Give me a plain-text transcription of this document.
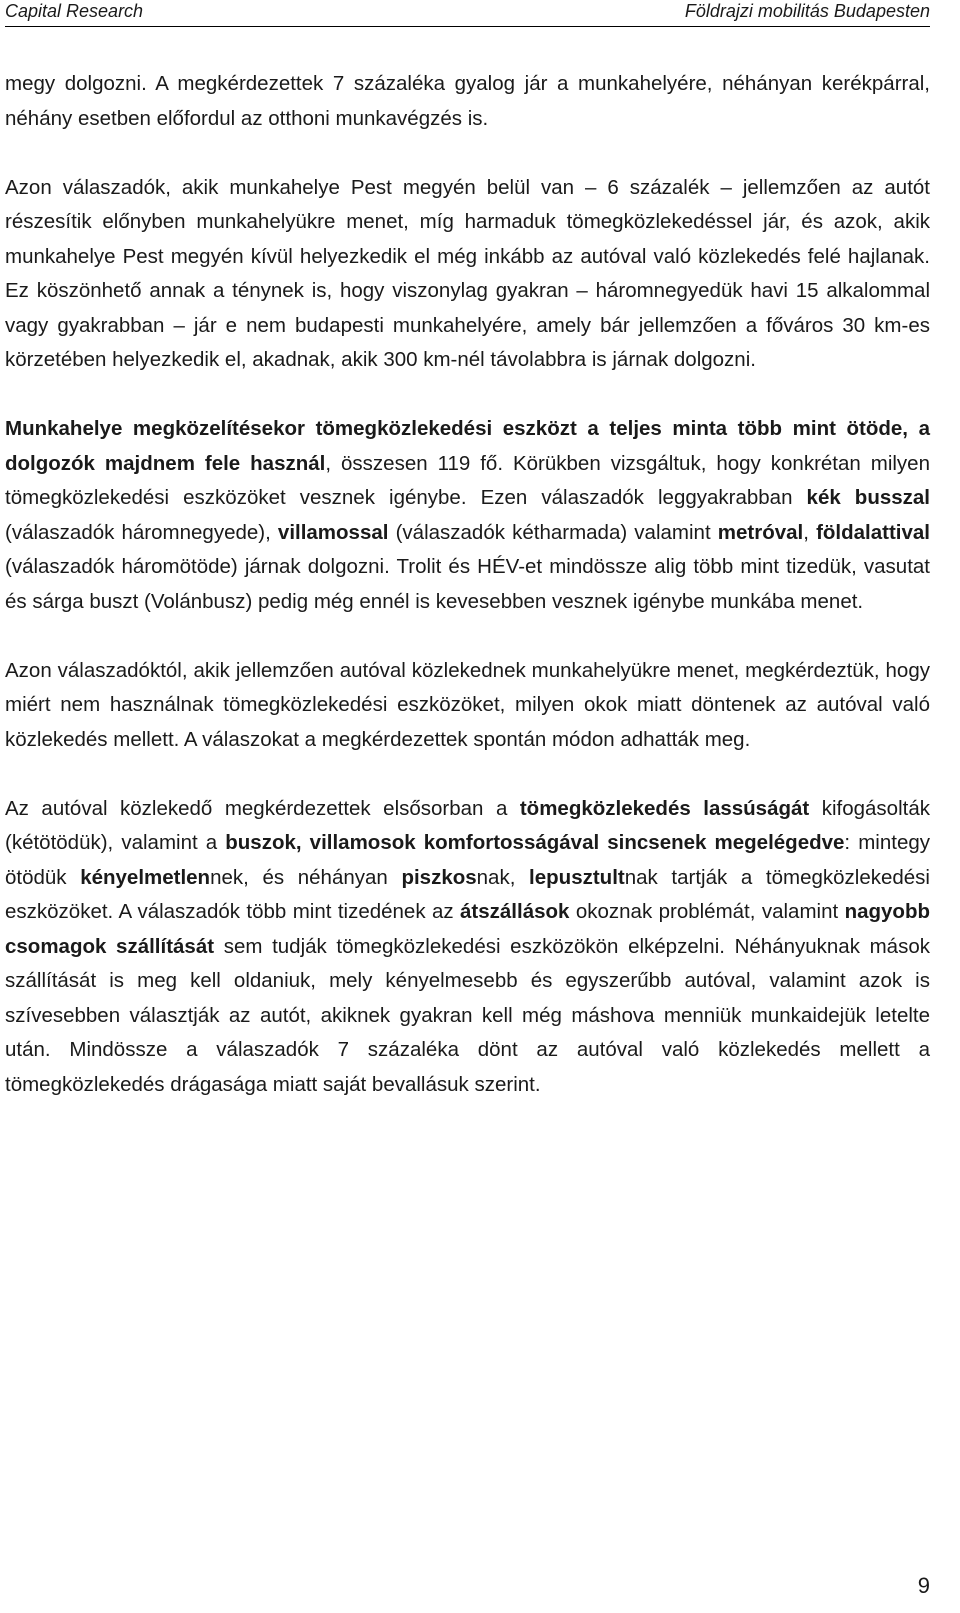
Capital Research	Földrajzi mobilitás Budapesten

megy dolgozni. A megkérdezettek 7 százaléka gyalog jár a munkahelyére, néhányan kerékpárral, néhány esetben előfordul az otthoni munkavégzés is.

Azon válaszadók, akik munkahelye Pest megyén belül van – 6 százalék – jellemzően az autót részesítik előnyben munkahelyükre menet, míg harmaduk tömegközlekedéssel jár, és azok, akik munkahelye Pest megyén kívül helyezkedik el még inkább az autóval való közlekedés felé hajlanak. Ez köszönhető annak a ténynek is, hogy viszonylag gyakran – háromnegyedük havi 15 alkalommal vagy gyakrabban – jár e nem budapesti munkahelyére, amely bár jellemzően a főváros 30 km-es körzetében helyezkedik el, akadnak, akik 300 km-nél távolabbra is járnak dolgozni.

Munkahelye megközelítésekor tömegközlekedési eszközt a teljes minta több mint ötöde, a dolgozók majdnem fele használ, összesen 119 fő. Körükben vizsgáltuk, hogy konkrétan milyen tömegközlekedési eszközöket vesznek igénybe. Ezen válaszadók leggyakrabban kék busszal (válaszadók háromnegyede), villamossal (válaszadók kétharmada) valamint metróval, földalattival (válaszadók háromötöde) járnak dolgozni. Trolit és HÉV-et mindössze alig több mint tizedük, vasutat és sárga buszt (Volánbusz) pedig még ennél is kevesebben vesznek igénybe munkába menet.

Azon válaszadóktól, akik jellemzően autóval közlekednek munkahelyükre menet, megkérdeztük, hogy miért nem használnak tömegközlekedési eszközöket, milyen okok miatt döntenek az autóval való közlekedés mellett. A válaszokat a megkérdezettek spontán módon adhatták meg.

Az autóval közlekedő megkérdezettek elsősorban a tömegközlekedés lassúságát kifogásolták (kétötödük), valamint a buszok, villamosok komfortosságával sincsenek megelégedve: mintegy ötödük kényelmetlennek, és néhányan piszkosnak, lepusztultnak tartják a tömegközlekedési eszközöket. A válaszadók több mint tizedének az átszállások okoznak problémát, valamint nagyobb csomagok szállítását sem tudják tömegközlekedési eszközökön elképzelni. Néhányuknak mások szállítását is meg kell oldaniuk, mely kényelmesebb és egyszerűbb autóval, valamint azok is szívesebben választják az autót, akiknek gyakran kell még máshova menniük munkaidejük letelte után. Mindössze a válaszadók 7 százaléka dönt az autóval való közlekedés mellett a tömegközlekedés drágasága miatt saját bevallásuk szerint.

9
